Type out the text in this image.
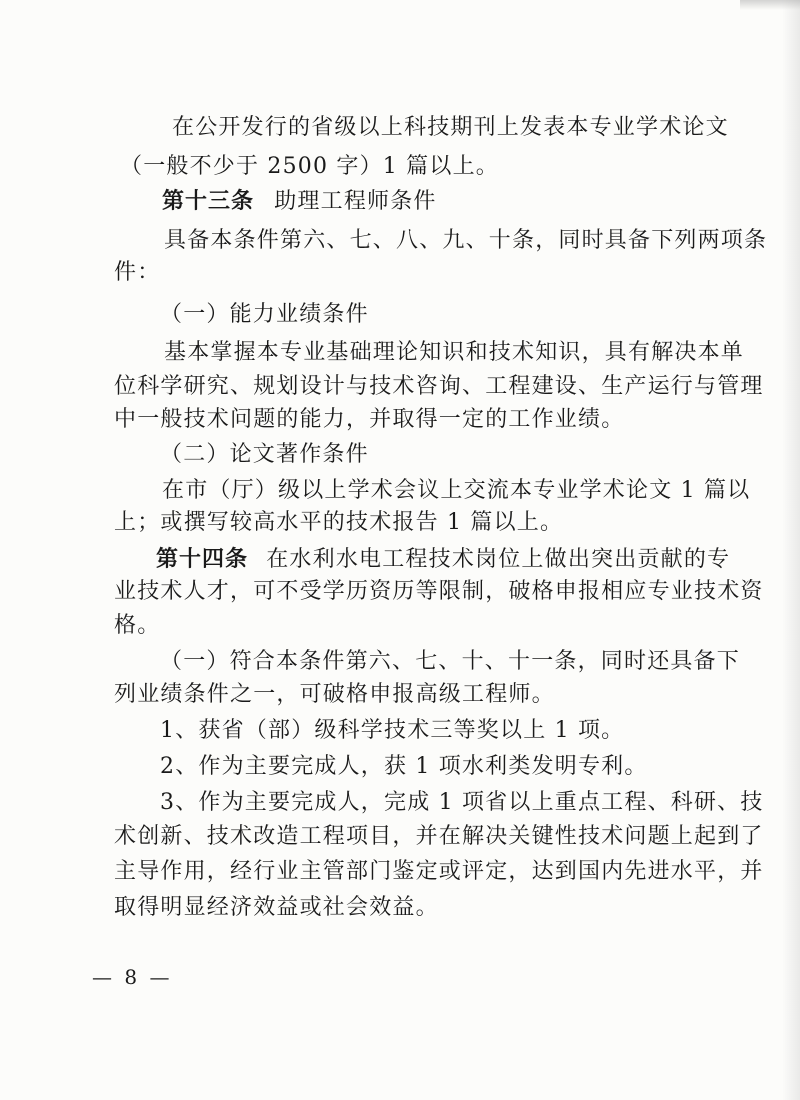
在公开发行的省级以上科技期刊上发表本专业学术论文
（一般不少于 2500 字）1 篇以上。
第十三条 助理工程师条件
具备本条件第六、七、八、九、十条，同时具备下列两项条
件：
（一）能力业绩条件
基本掌握本专业基础理论知识和技术知识，具有解决本单
位科学研究、规划设计与技术咨询、工程建设、生产运行与管理
中一般技术问题的能力，并取得一定的工作业绩。
（二）论文著作条件
在市（厅）级以上学术会议上交流本专业学术论文 1 篇以
上；或撰写较高水平的技术报告 1 篇以上。
第十四条 在水利水电工程技术岗位上做出突出贡献的专
业技术人才，可不受学历资历等限制，破格申报相应专业技术资
格。
（一）符合本条件第六、七、十、十一条，同时还具备下
列业绩条件之一，可破格申报高级工程师。
1、获省（部）级科学技术三等奖以上 1 项。
2、作为主要完成人，获 1 项水利类发明专利。
3、作为主要完成人，完成 1 项省以上重点工程、科研、技
术创新、技术改造工程项目，并在解决关键性技术问题上起到了
主导作用，经行业主管部门鉴定或评定，达到国内先进水平，并
取得明显经济效益或社会效益。
— 8 —
